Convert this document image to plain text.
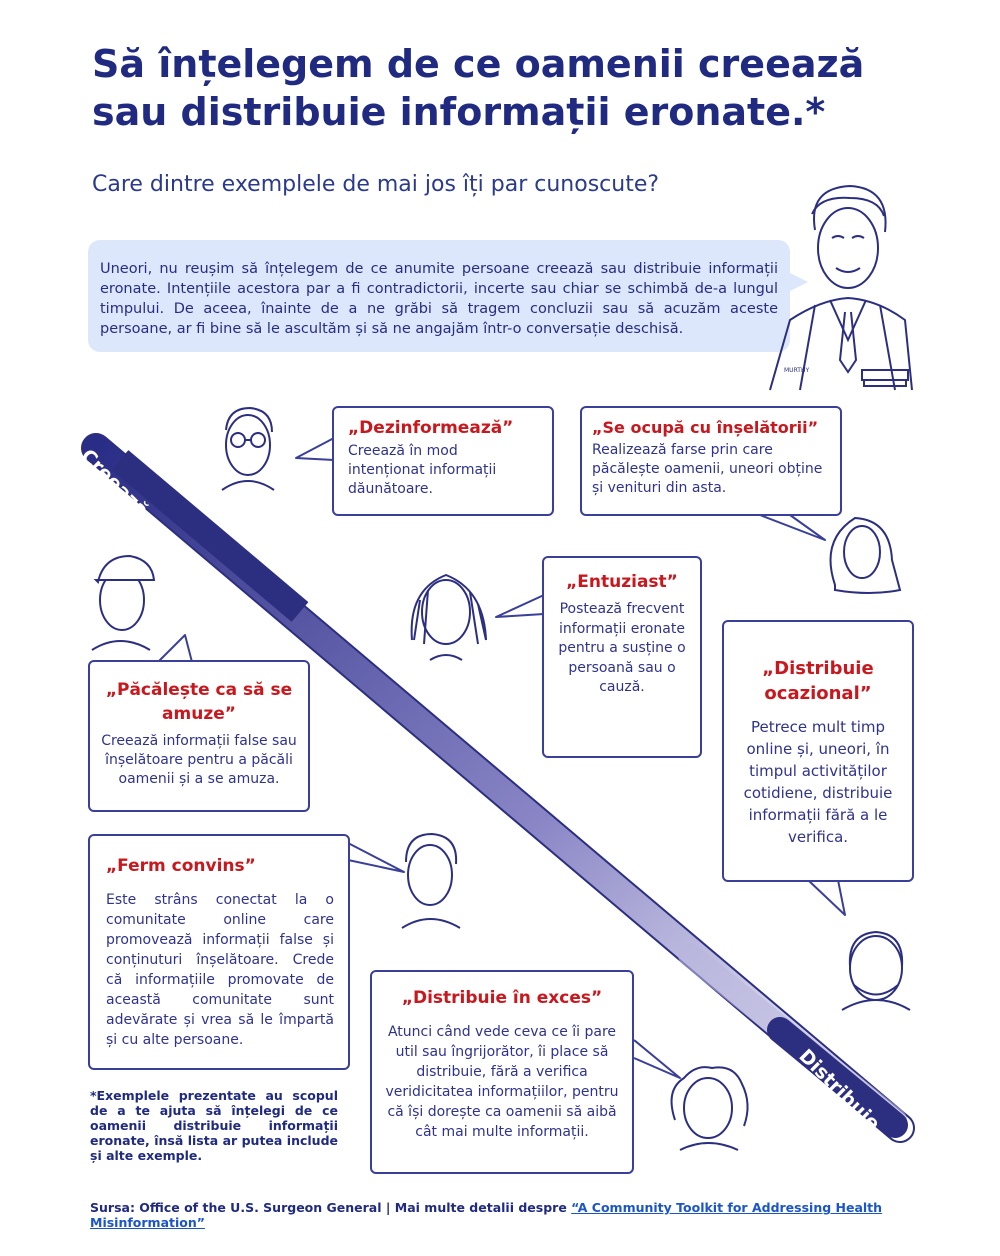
Să înțelegem de ce oamenii creează sau distribuie informații eronate.*
Care dintre exemplele de mai jos îți par cunoscute?
Uneori, nu reușim să înțelegem de ce anumite persoane creează sau distribuie informații eronate. Intențiile acestora par a fi contradictorii, incerte sau chiar se schimbă de-a lungul timpului. De aceea, înainte de a ne grăbi să tragem concluzii sau să acuzăm aceste persoane, ar fi bine să le ascultăm și să ne angajăm într-o conversație deschisă.
MURTHY
Creează
Distribuie
„Dezinformează”
Creează în mod intenționat informații dăunătoare.
„Se ocupă cu înșelătorii”
Realizează farse prin care păcălește oamenii, uneori obține și venituri din asta.
„Entuziast”
Postează frecvent informații eronate pentru a susține o persoană sau o cauză.
„Păcălește ca să se amuze”
Creează informații false sau înșelătoare pentru a păcăli oamenii și a se amuza.
„Distribuie ocazional”
Petrece mult timp online și, uneori, în timpul activităților cotidiene, distribuie informații fără a le verifica.
„Ferm convins”
Este strâns conectat la o comunitate online care promovează informații false și conținuturi înșelătoare. Crede că informațiile promovate de această comunitate sunt adevărate și vrea să le împartă și cu alte persoane.
„Distribuie în exces”
Atunci când vede ceva ce îi pare util sau îngrijorător, îi place să distribuie, fără a verifica veridicitatea informațiilor, pentru că își dorește ca oamenii să aibă cât mai multe informații.
*Exemplele prezentate au scopul de a te ajuta să înțelegi de ce oamenii distribuie informații eronate, însă lista ar putea include și alte exemple.
Sursa: Office of the U.S. Surgeon General | Mai multe detalii despre “A Community Toolkit for Addressing Health Misinformation”
